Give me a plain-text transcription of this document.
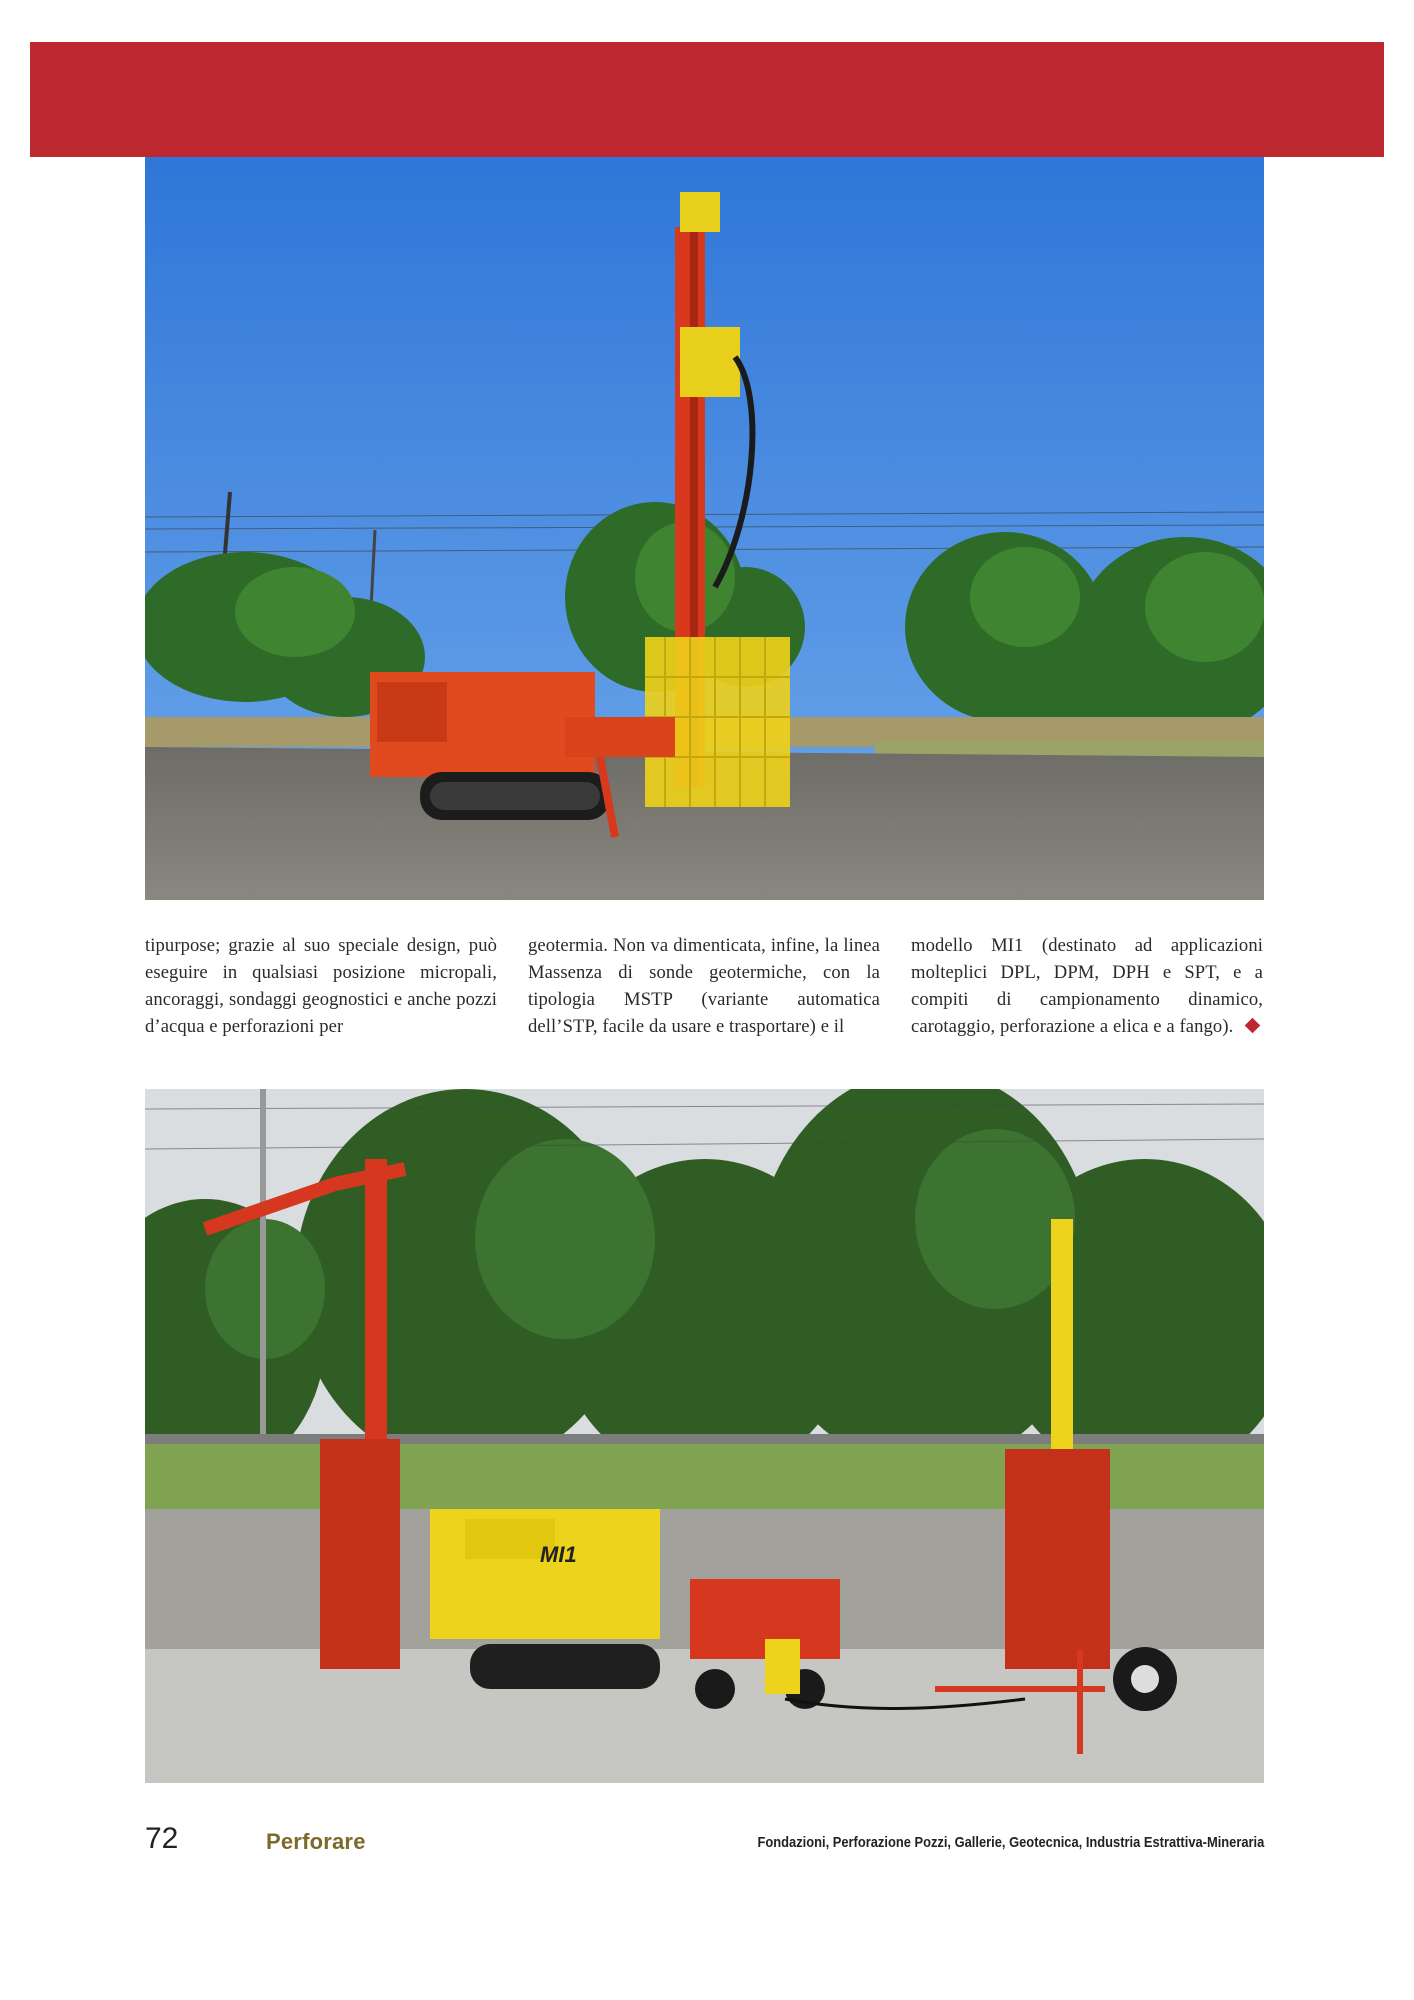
tipurpose; grazie al suo speciale design, può eseguire in qualsiasi posizione micropali, ancoraggi, sondaggi geognostici e anche pozzi d’acqua e perforazioni per

geotermia. Non va dimenticata, infine, la linea Massenza di sonde geotermiche, con la tipologia MSTP (variante automatica dell’STP, facile da usare e trasportare) e il

modello MI1 (destinato ad applicazioni molteplici DPL, DPM, DPH e SPT, e a compiti di campionamento dinamico, carotaggio, perforazione a elica e a fango).

MI1
72	Perforare	Fondazioni, Perforazione Pozzi, Gallerie, Geotecnica, Industria Estrattiva-Mineraria
